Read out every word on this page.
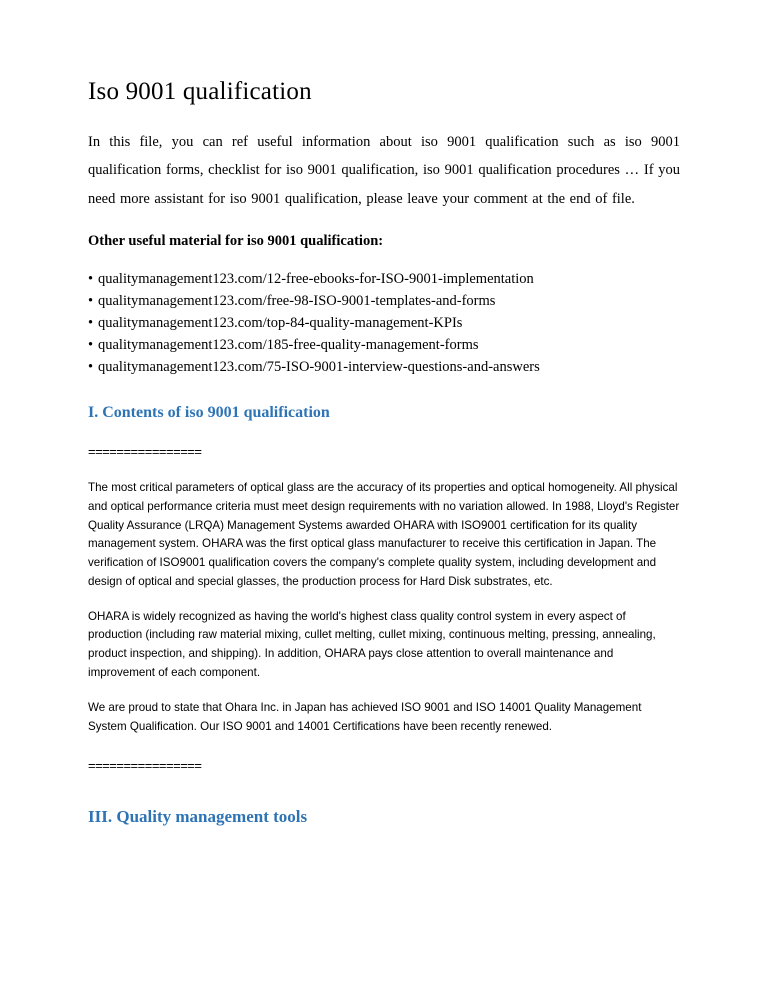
Iso 9001 qualification

In this file, you can ref useful information about iso 9001 qualification such as iso 9001 qualification forms, checklist for iso 9001 qualification, iso 9001 qualification procedures … If you need more assistant for iso 9001 qualification, please leave your comment at the end of file.

Other useful material for iso 9001 qualification:

• qualitymanagement123.com/12-free-ebooks-for-ISO-9001-implementation
• qualitymanagement123.com/free-98-ISO-9001-templates-and-forms
• qualitymanagement123.com/top-84-quality-management-KPIs
• qualitymanagement123.com/185-free-quality-management-forms
• qualitymanagement123.com/75-ISO-9001-interview-questions-and-answers
I. Contents of iso 9001 qualification
================

The most critical parameters of optical glass are the accuracy of its properties and optical homogeneity. All physical and optical performance criteria must meet design requirements with no variation allowed. In 1988, Lloyd's Register Quality Assurance (LRQA) Management Systems awarded OHARA with ISO9001 certification for its quality management system. OHARA was the first optical glass manufacturer to receive this certification in Japan. The verification of ISO9001 qualification covers the company's complete quality system, including development and design of optical and special glasses, the production process for Hard Disk substrates, etc.

OHARA is widely recognized as having the world's highest class quality control system in every aspect of production (including raw material mixing, cullet melting, cullet mixing, continuous melting, pressing, annealing, product inspection, and shipping). In addition, OHARA pays close attention to overall maintenance and improvement of each component.

We are proud to state that Ohara Inc. in Japan has achieved ISO 9001 and ISO 14001 Quality Management System Qualification. Our ISO 9001 and 14001 Certifications have been recently renewed.

================
III. Quality management tools
